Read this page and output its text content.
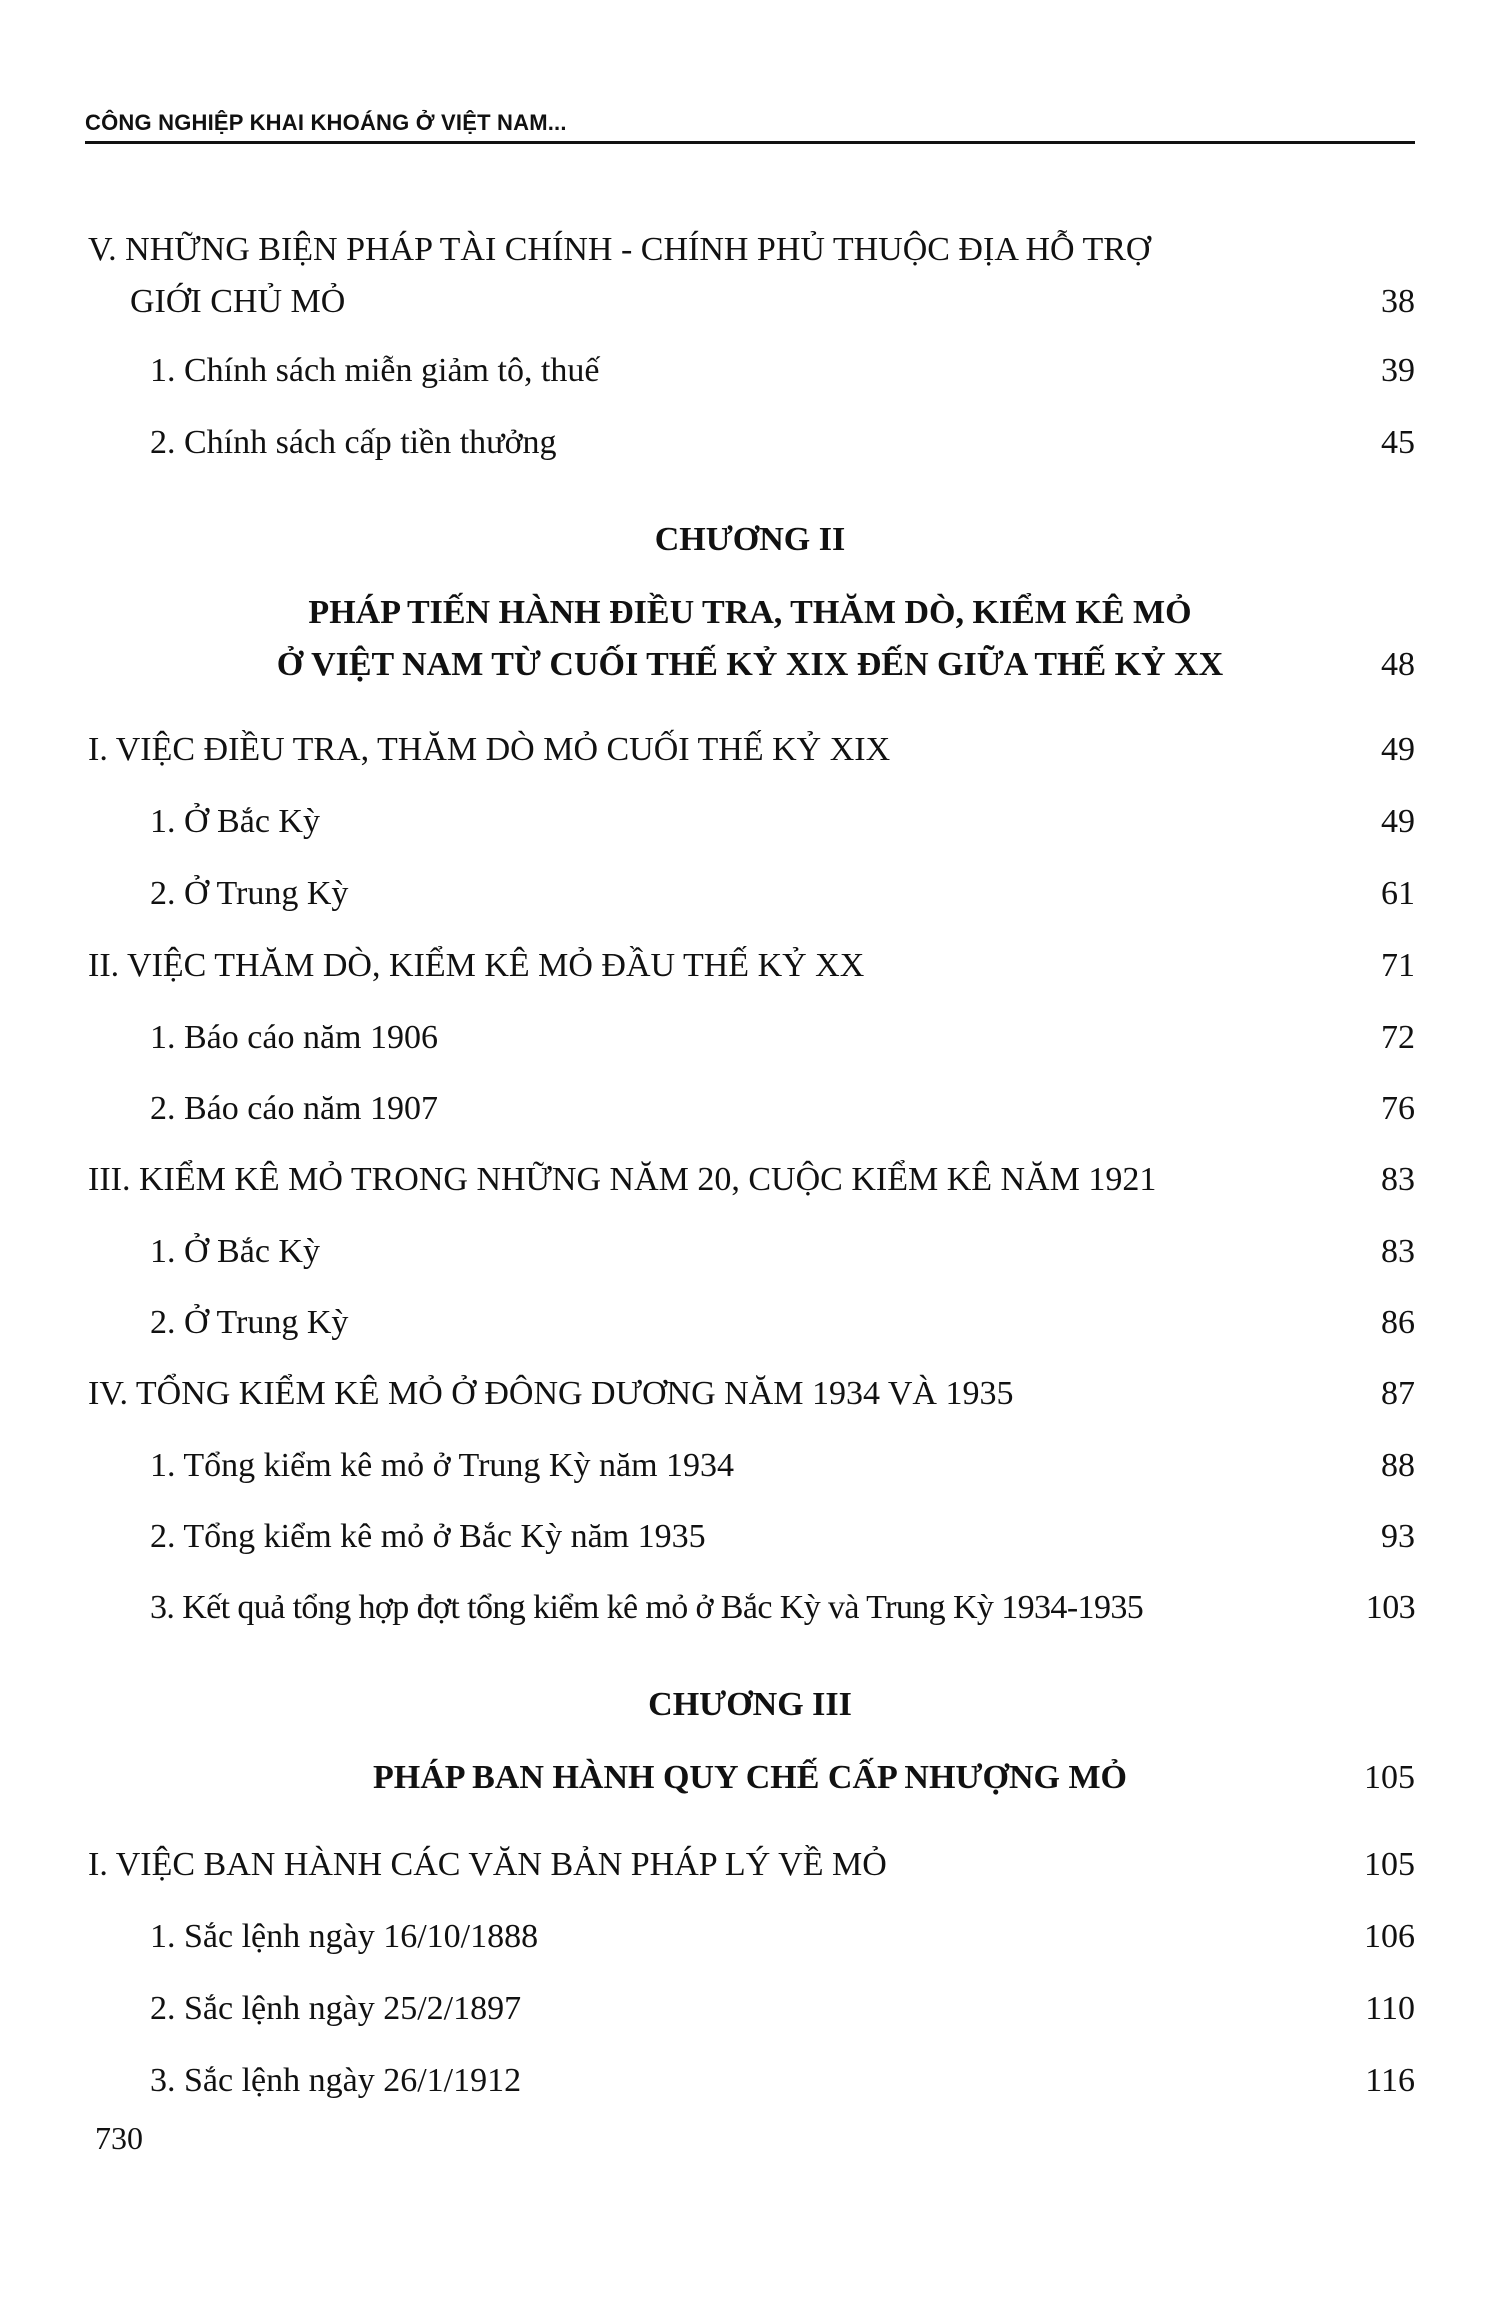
CÔNG NGHIỆP KHAI KHOÁNG Ở VIỆT NAM...
V. NHỮNG BIỆN PHÁP TÀI CHÍNH - CHÍNH PHỦ THUỘC ĐỊA HỖ TRỢ
GIỚI CHỦ MỎ	38
1. Chính sách miễn giảm tô, thuế	39
2. Chính sách cấp tiền thưởng	45
CHƯƠNG II
PHÁP TIẾN HÀNH ĐIỀU TRA, THĂM DÒ, KIỂM KÊ MỎ
Ở VIỆT NAM TỪ CUỐI THẾ KỶ XIX ĐẾN GIỮA THẾ KỶ XX	48
I. VIỆC ĐIỀU TRA, THĂM DÒ MỎ CUỐI THẾ KỶ XIX	49
1. Ở Bắc Kỳ	49
2. Ở Trung Kỳ	61
II. VIỆC THĂM DÒ, KIỂM KÊ MỎ ĐẦU THẾ KỶ XX	71
1. Báo cáo năm 1906	72
2. Báo cáo năm 1907	76
III. KIỂM KÊ MỎ TRONG NHỮNG NĂM 20, CUỘC KIỂM KÊ NĂM 1921	83
1. Ở Bắc Kỳ	83
2. Ở Trung Kỳ	86
IV. TỔNG KIỂM KÊ MỎ Ở ĐÔNG DƯƠNG NĂM 1934 VÀ 1935	87
1. Tổng kiểm kê mỏ ở Trung Kỳ năm 1934	88
2. Tổng kiểm kê mỏ ở Bắc Kỳ năm 1935	93
3. Kết quả tổng hợp đợt tổng kiểm kê mỏ ở Bắc Kỳ và Trung Kỳ 1934-1935	103
CHƯƠNG III
PHÁP BAN HÀNH QUY CHẾ CẤP NHƯỢNG MỎ	105
I. VIỆC BAN HÀNH CÁC VĂN BẢN PHÁP LÝ VỀ MỎ	105
1. Sắc lệnh ngày 16/10/1888	106
2. Sắc lệnh ngày 25/2/1897	110
3. Sắc lệnh ngày 26/1/1912	116
730
